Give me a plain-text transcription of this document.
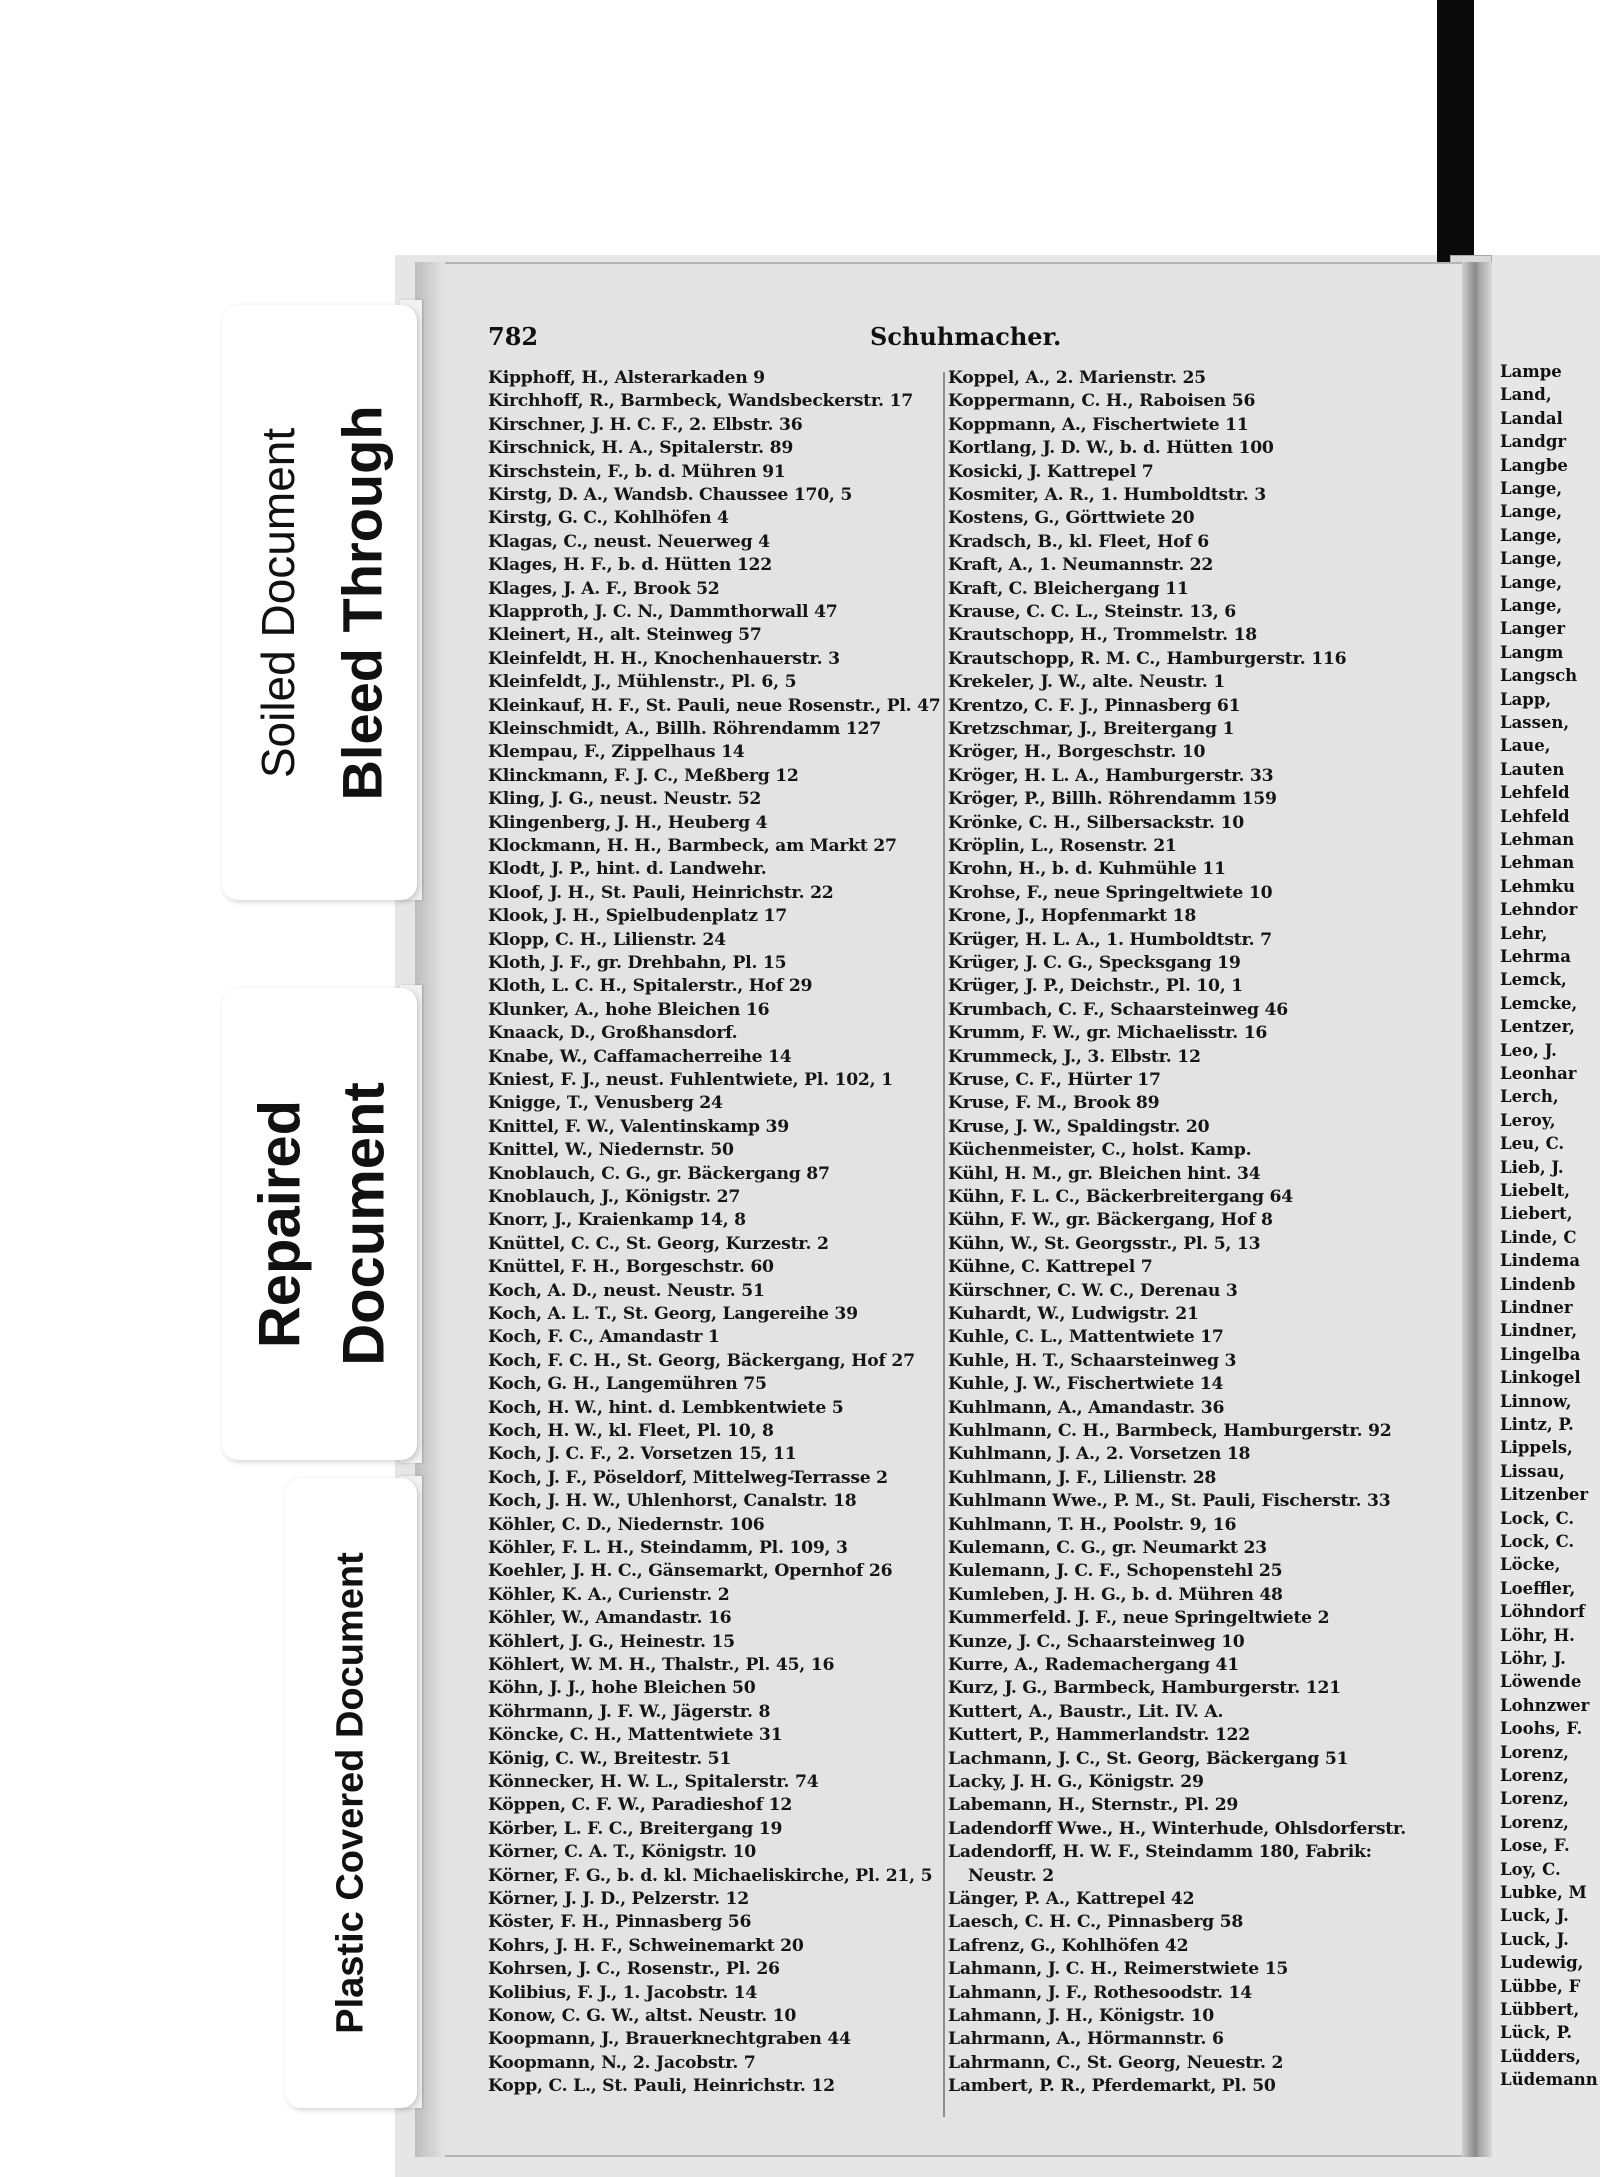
Lampe
Land,
Landal
Landgr
Langbe
Lange,
Lange,
Lange,
Lange,
Lange,
Lange,
Langer
Langm
Langsch
Lapp,
Lassen,
Laue,
Lauten
Lehfeld
Lehfeld
Lehman
Lehman
Lehmku
Lehndor
Lehr,
Lehrma
Lemck,
Lemcke,
Lentzer,
Leo, J.
Leonhar
Lerch,
Leroy,
Leu, C.
Lieb, J.
Liebelt,
Liebert,
Linde, C
Lindema
Lindenb
Lindner
Lindner,
Lingelba
Linkogel
Linnow,
Lintz, P.
Lippels,
Lissau,
Litzenber
Lock, C.
Lock, C.
Löcke,
Loeffler,
Löhndorf
Löhr, H.
Löhr, J.
Löwende
Lohnzwer
Loohs, F.
Lorenz,
Lorenz,
Lorenz,
Lorenz,
Lose, F.
Loy, C.
Lubke, M
Luck, J.
Luck, J.
Ludewig,
Lübbe, F
Lübbert,
Lück, P.
Lüdders,
Lüdemann
782	Schuhmacher.
Kipphoff, H., Alsterarkaden 9
Kirchhoff, R., Barmbeck, Wandsbeckerstr. 17
Kirschner, J. H. C. F., 2. Elbstr. 36
Kirschnick, H. A., Spitalerstr. 89
Kirschstein, F., b. d. Mühren 91
Kirstg, D. A., Wandsb. Chaussee 170, 5
Kirstg, G. C., Kohlhöfen 4
Klagas, C., neust. Neuerweg 4
Klages, H. F., b. d. Hütten 122
Klages, J. A. F., Brook 52
Klapproth, J. C. N., Dammthorwall 47
Kleinert, H., alt. Steinweg 57
Kleinfeldt, H. H., Knochenhauerstr. 3
Kleinfeldt, J., Mühlenstr., Pl. 6, 5
Kleinkauf, H. F., St. Pauli, neue Rosenstr., Pl. 47
Kleinschmidt, A., Billh. Röhrendamm 127
Klempau, F., Zippelhaus 14
Klinckmann, F. J. C., Meßberg 12
Kling, J. G., neust. Neustr. 52
Klingenberg, J. H., Heuberg 4
Klockmann, H. H., Barmbeck, am Markt 27
Klodt, J. P., hint. d. Landwehr.
Kloof, J. H., St. Pauli, Heinrichstr. 22
Klook, J. H., Spielbudenplatz 17
Klopp, C. H., Lilienstr. 24
Kloth, J. F., gr. Drehbahn, Pl. 15
Kloth, L. C. H., Spitalerstr., Hof 29
Klunker, A., hohe Bleichen 16
Knaack, D., Großhansdorf.
Knabe, W., Caffamacherreihe 14
Kniest, F. J., neust. Fuhlentwiete, Pl. 102, 1
Knigge, T., Venusberg 24
Knittel, F. W., Valentinskamp 39
Knittel, W., Niedernstr. 50
Knoblauch, C. G., gr. Bäckergang 87
Knoblauch, J., Königstr. 27
Knorr, J., Kraienkamp 14, 8
Knüttel, C. C., St. Georg, Kurzestr. 2
Knüttel, F. H., Borgeschstr. 60
Koch, A. D., neust. Neustr. 51
Koch, A. L. T., St. Georg, Langereihe 39
Koch, F. C., Amandastr 1
Koch, F. C. H., St. Georg, Bäckergang, Hof 27
Koch, G. H., Langemühren 75
Koch, H. W., hint. d. Lembkentwiete 5
Koch, H. W., kl. Fleet, Pl. 10, 8
Koch, J. C. F., 2. Vorsetzen 15, 11
Koch, J. F., Pöseldorf, Mittelweg-Terrasse 2
Koch, J. H. W., Uhlenhorst, Canalstr. 18
Köhler, C. D., Niedernstr. 106
Köhler, F. L. H., Steindamm, Pl. 109, 3
Koehler, J. H. C., Gänsemarkt, Opernhof 26
Köhler, K. A., Curienstr. 2
Köhler, W., Amandastr. 16
Köhlert, J. G., Heinestr. 15
Köhlert, W. M. H., Thalstr., Pl. 45, 16
Köhn, J. J., hohe Bleichen 50
Köhrmann, J. F. W., Jägerstr. 8
Köncke, C. H., Mattentwiete 31
König, C. W., Breitestr. 51
Könnecker, H. W. L., Spitalerstr. 74
Köppen, C. F. W., Paradieshof 12
Körber, L. F. C., Breitergang 19
Körner, C. A. T., Königstr. 10
Körner, F. G., b. d. kl. Michaeliskirche, Pl. 21, 5
Körner, J. J. D., Pelzerstr. 12
Köster, F. H., Pinnasberg 56
Kohrs, J. H. F., Schweinemarkt 20
Kohrsen, J. C., Rosenstr., Pl. 26
Kolibius, F. J., 1. Jacobstr. 14
Konow, C. G. W., altst. Neustr. 10
Koopmann, J., Brauerknechtgraben 44
Koopmann, N., 2. Jacobstr. 7
Kopp, C. L., St. Pauli, Heinrichstr. 12
Koppel, A., 2. Marienstr. 25
Koppermann, C. H., Raboisen 56
Koppmann, A., Fischertwiete 11
Kortlang, J. D. W., b. d. Hütten 100
Kosicki, J. Kattrepel 7
Kosmiter, A. R., 1. Humboldtstr. 3
Kostens, G., Görttwiete 20
Kradsch, B., kl. Fleet, Hof 6
Kraft, A., 1. Neumannstr. 22
Kraft, C. Bleichergang 11
Krause, C. C. L., Steinstr. 13, 6
Krautschopp, H., Trommelstr. 18
Krautschopp, R. M. C., Hamburgerstr. 116
Krekeler, J. W., alte. Neustr. 1
Krentzo, C. F. J., Pinnasberg 61
Kretzschmar, J., Breitergang 1
Kröger, H., Borgeschstr. 10
Kröger, H. L. A., Hamburgerstr. 33
Kröger, P., Billh. Röhrendamm 159
Krönke, C. H., Silbersackstr. 10
Kröplin, L., Rosenstr. 21
Krohn, H., b. d. Kuhmühle 11
Krohse, F., neue Springeltwiete 10
Krone, J., Hopfenmarkt 18
Krüger, H. L. A., 1. Humboldtstr. 7
Krüger, J. C. G., Specksgang 19
Krüger, J. P., Deichstr., Pl. 10, 1
Krumbach, C. F., Schaarsteinweg 46
Krumm, F. W., gr. Michaelisstr. 16
Krummeck, J., 3. Elbstr. 12
Kruse, C. F., Hürter 17
Kruse, F. M., Brook 89
Kruse, J. W., Spaldingstr. 20
Küchenmeister, C., holst. Kamp.
Kühl, H. M., gr. Bleichen hint. 34
Kühn, F. L. C., Bäckerbreitergang 64
Kühn, F. W., gr. Bäckergang, Hof 8
Kühn, W., St. Georgsstr., Pl. 5, 13
Kühne, C. Kattrepel 7
Kürschner, C. W. C., Derenau 3
Kuhardt, W., Ludwigstr. 21
Kuhle, C. L., Mattentwiete 17
Kuhle, H. T., Schaarsteinweg 3
Kuhle, J. W., Fischertwiete 14
Kuhlmann, A., Amandastr. 36
Kuhlmann, C. H., Barmbeck, Hamburgerstr. 92
Kuhlmann, J. A., 2. Vorsetzen 18
Kuhlmann, J. F., Lilienstr. 28
Kuhlmann Wwe., P. M., St. Pauli, Fischerstr. 33
Kuhlmann, T. H., Poolstr. 9, 16
Kulemann, C. G., gr. Neumarkt 23
Kulemann, J. C. F., Schopenstehl 25
Kumleben, J. H. G., b. d. Mühren 48
Kummerfeld. J. F., neue Springeltwiete 2
Kunze, J. C., Schaarsteinweg 10
Kurre, A., Rademachergang 41
Kurz, J. G., Barmbeck, Hamburgerstr. 121
Kuttert, A., Baustr., Lit. IV. A.
Kuttert, P., Hammerlandstr. 122
Lachmann, J. C., St. Georg, Bäckergang 51
Lacky, J. H. G., Königstr. 29
Labemann, H., Sternstr., Pl. 29
Ladendorff Wwe., H., Winterhude, Ohlsdorferstr.
Ladendorff, H. W. F., Steindamm 180, Fabrik:
Neustr. 2
Länger, P. A., Kattrepel 42
Laesch, C. H. C., Pinnasberg 58
Lafrenz, G., Kohlhöfen 42
Lahmann, J. C. H., Reimerstwiete 15
Lahmann, J. F., Rothesoodstr. 14
Lahmann, J. H., Königstr. 10
Lahrmann, A., Hörmannstr. 6
Lahrmann, C., St. Georg, Neuestr. 2
Lambert, P. R., Pferdemarkt, Pl. 50
Soiled Document Bleed Through
Repaired Document
Plastic Covered Document
